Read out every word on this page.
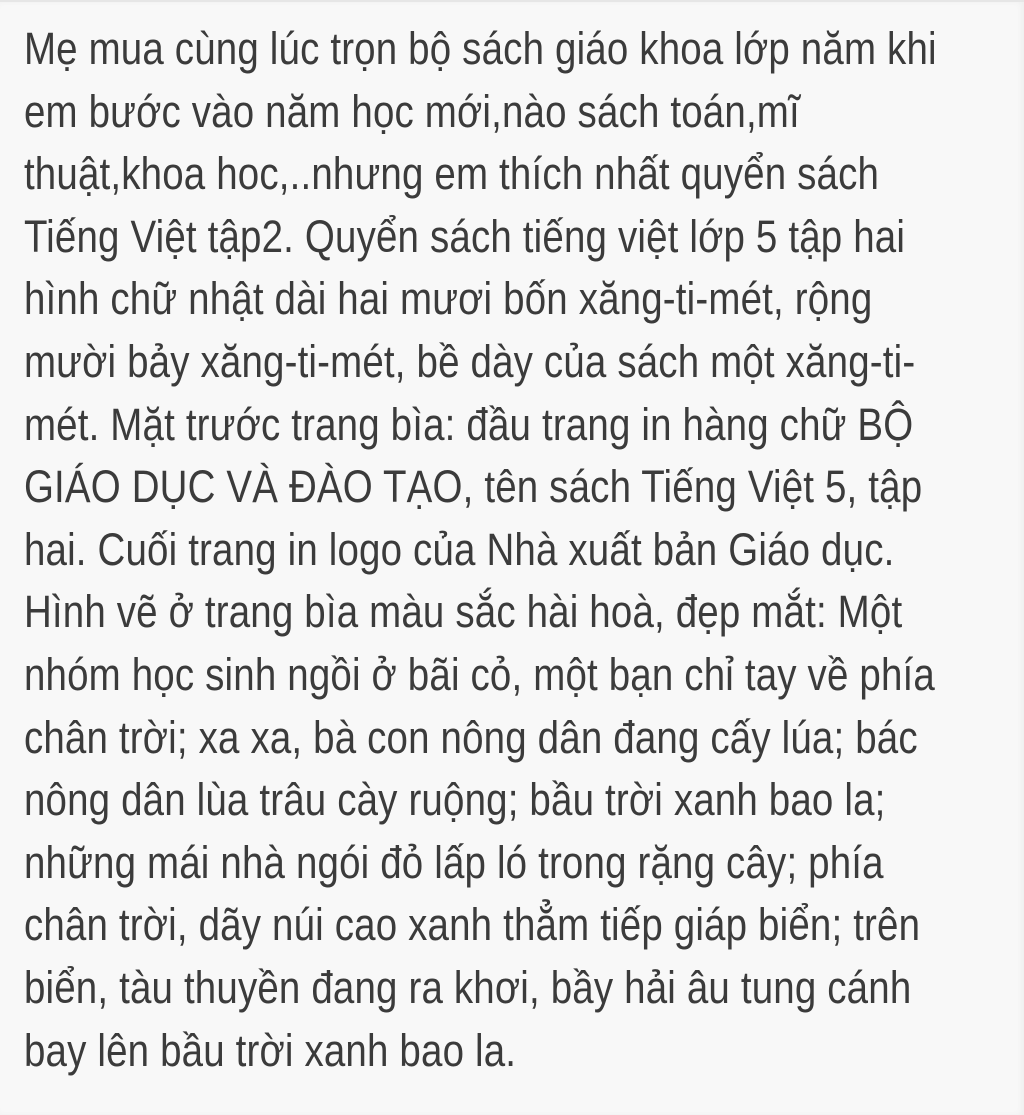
Mẹ mua cùng lúc trọn bộ sách giáo khoa lớp năm khi
em bước vào năm học mới,nào sách toán,mĩ
thuật,khoa hoc,..nhưng em thích nhất quyển sách
Tiếng Việt tập2. Quyển sách tiếng việt lớp 5 tập hai
hình chữ nhật dài hai mươi bốn xăng-ti-mét, rộng
mười bảy xăng-ti-mét, bề dày của sách một xăng-ti-
mét. Mặt trước trang bìa: đầu trang in hàng chữ BỘ
GIÁO DỤC VÀ ĐÀO TẠO, tên sách Tiếng Việt 5, tập
hai. Cuối trang in logo của Nhà xuất bản Giáo dục.
Hình vẽ ở trang bìa màu sắc hài hoà, đẹp mắt: Một
nhóm học sinh ngồi ở bãi cỏ, một bạn chỉ tay về phía
chân trời; xa xa, bà con nông dân đang cấy lúa; bác
nông dân lùa trâu cày ruộng; bầu trời xanh bao la;
những mái nhà ngói đỏ lấp ló trong rặng cây; phía
chân trời, dãy núi cao xanh thẳm tiếp giáp biển; trên
biển, tàu thuyền đang ra khơi, bầy hải âu tung cánh
bay lên bầu trời xanh bao la.
